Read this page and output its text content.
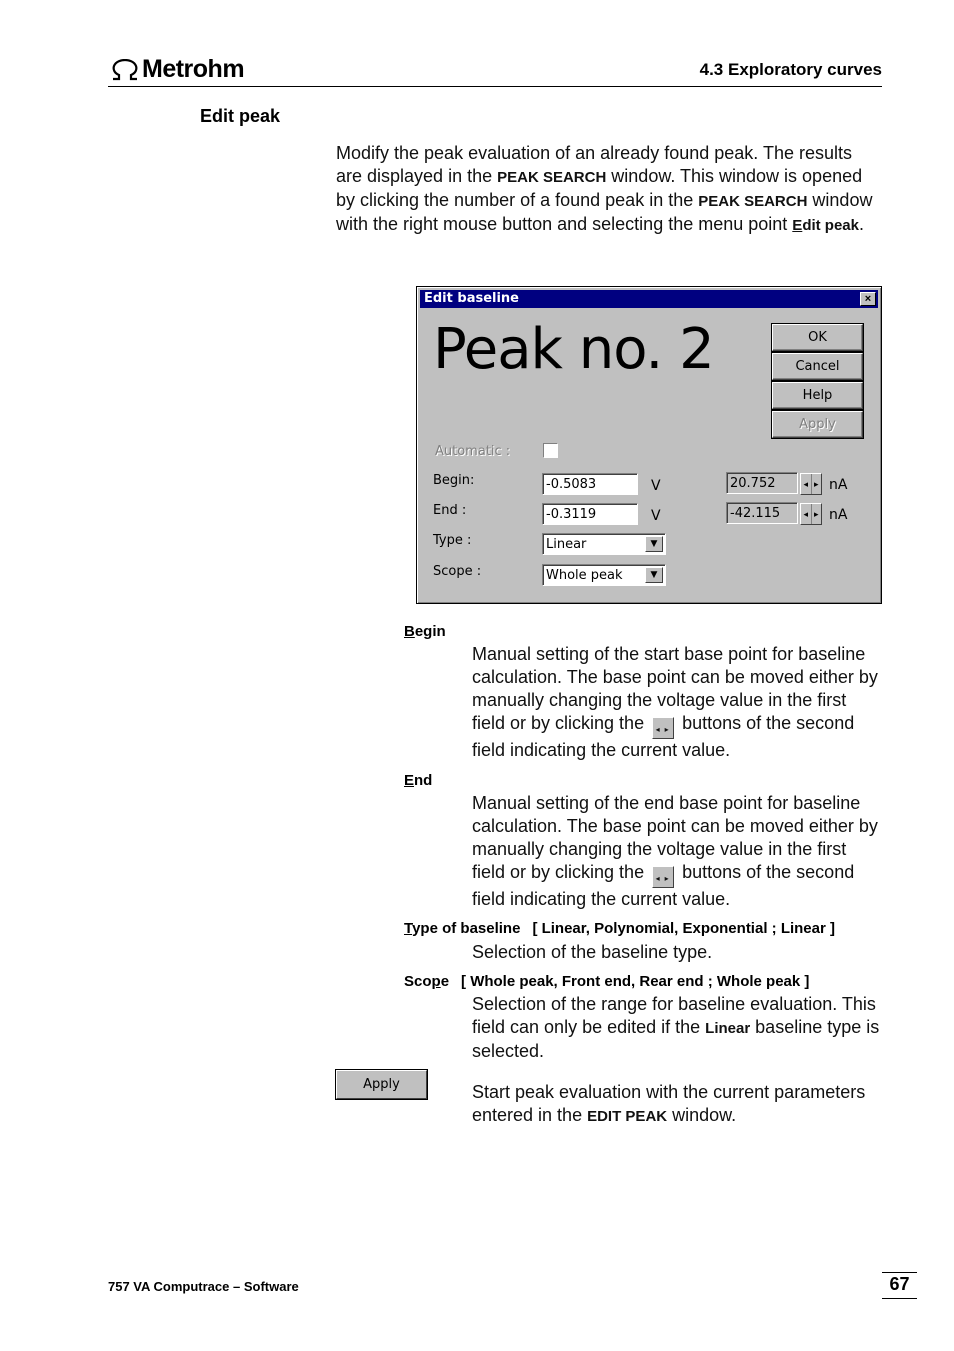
Metrohm	4.3 Exploratory curves
Edit peak
Modify the peak evaluation of an already found peak. The results are displayed in the PEAK SEARCH window. This window is opened by clicking the number of a found peak in the PEAK SEARCH window with the right mouse button and selecting the menu point Edit peak.
Edit baseline	×
Peak no. 2	OK
Cancel
Help
Apply
Automatic :
Begin:	-0.5083	V	20.752	◂ ▸ nA
End :	-0.3119	V	-42.115	◂ ▸ nA
Type :	Linear	▼
Scope :	Whole peak	▼
Begin
Manual setting of the start base point for baseline calculation. The base point can be moved either by manually changing the voltage value in the first field or by clicking the ◂ ▸ buttons of the second field indicating the current value.
End
Manual setting of the end base point for baseline calculation. The base point can be moved either by manually changing the voltage value in the first field or by clicking the ◂ ▸ buttons of the second field indicating the current value.
Type of baseline [ Linear, Polynomial, Exponential ; Linear ]
Selection of the baseline type.
Scope [ Whole peak, Front end, Rear end ; Whole peak ]
Selection of the range for baseline evaluation. This field can only be edited if the Linear baseline type is selected.
Apply	Start peak evaluation with the current parameters entered in the EDIT PEAK window.
757 VA Computrace – Software	67
